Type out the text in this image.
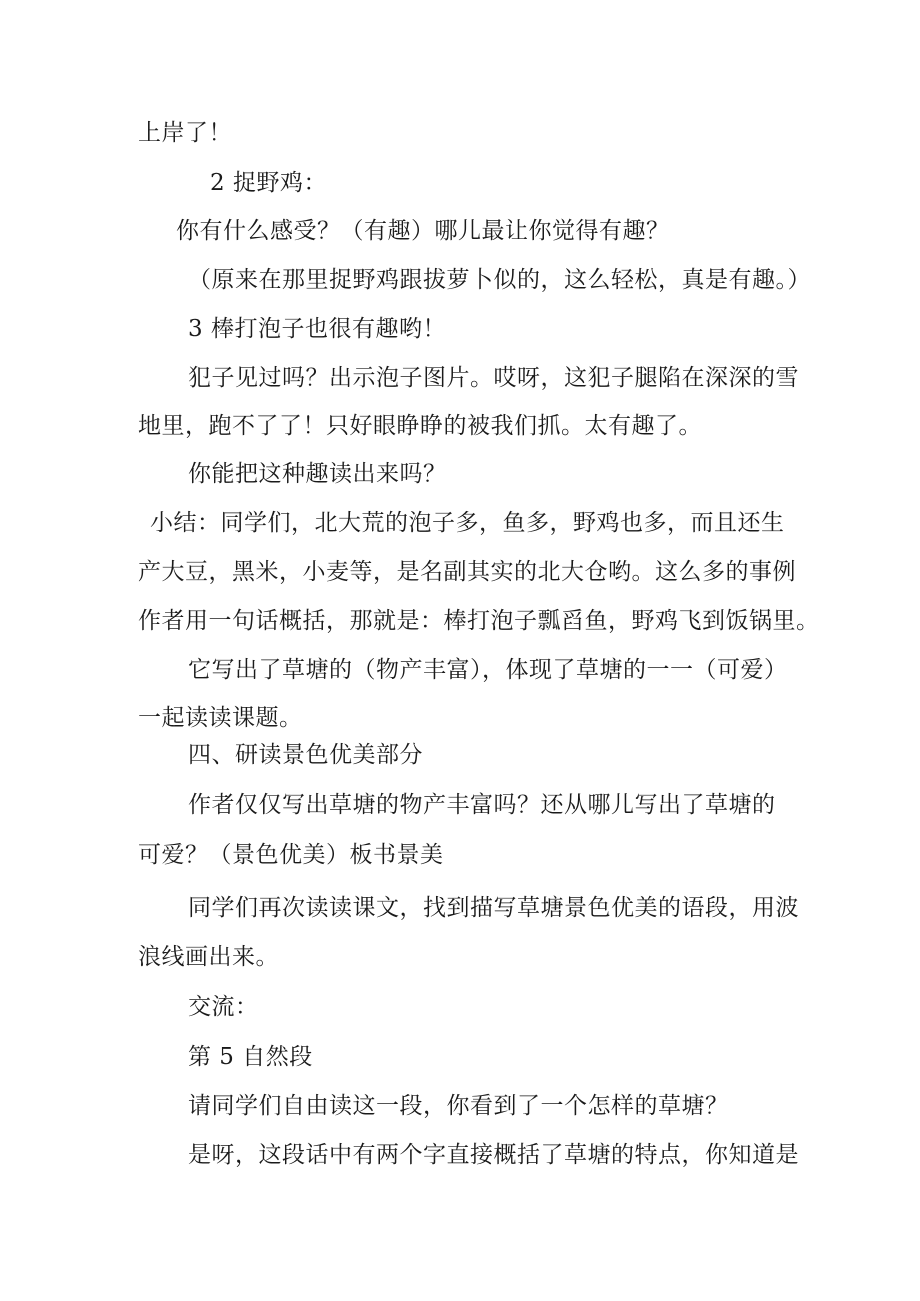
上岸了！
2 捉野鸡：
你有什么感受？（有趣）哪儿最让你觉得有趣？
（原来在那里捉野鸡跟拔萝卜似的，这么轻松，真是有趣。）
3 棒打泡子也很有趣哟！
犯子见过吗？出示泡子图片。哎呀，这犯子腿陷在深深的雪
地里，跑不了了！只好眼睁睁的被我们抓。太有趣了。
你能把这种趣读出来吗？
小结：同学们，北大荒的泡子多，鱼多，野鸡也多，而且还生
产大豆，黑米，小麦等，是名副其实的北大仓哟。这么多的事例
作者用一句话概括，那就是：棒打泡子瓢舀鱼，野鸡飞到饭锅里。
它写出了草塘的（物产丰富），体现了草塘的一一（可爱）
一起读读课题。
四、研读景色优美部分
作者仅仅写出草塘的物产丰富吗？还从哪儿写出了草塘的
可爱？（景色优美）板书景美
同学们再次读读课文，找到描写草塘景色优美的语段，用波
浪线画出来。
交流：
第 5 自然段
请同学们自由读这一段，你看到了一个怎样的草塘？
是呀，这段话中有两个字直接概括了草塘的特点，你知道是
